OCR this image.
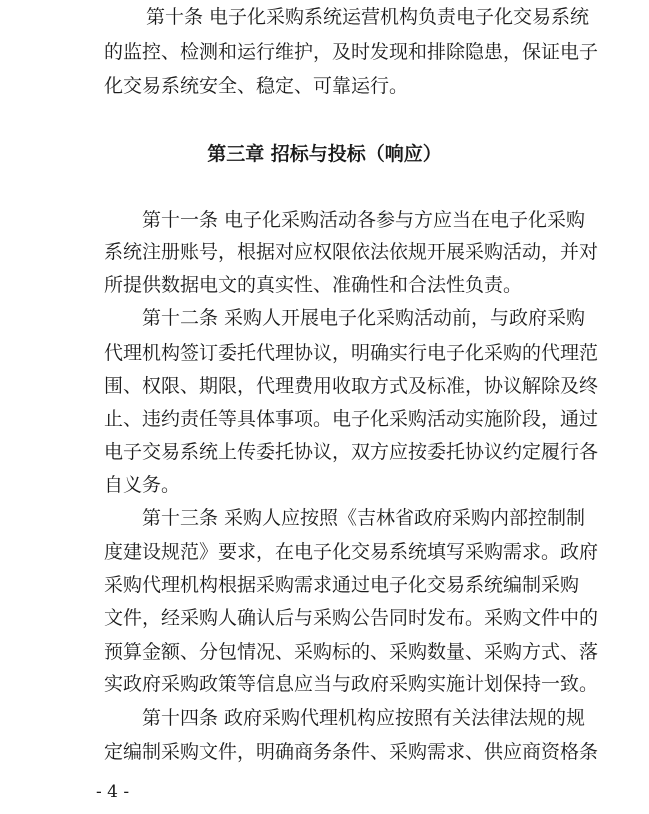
第十条 电子化采购系统运营机构负责电子化交易系统
的监控、检测和运行维护，及时发现和排除隐患，保证电子
化交易系统安全、稳定、可靠运行。
第三章 招标与投标（响应）
第十一条 电子化采购活动各参与方应当在电子化采购
系统注册账号，根据对应权限依法依规开展采购活动，并对
所提供数据电文的真实性、准确性和合法性负责。
第十二条 采购人开展电子化采购活动前，与政府采购
代理机构签订委托代理协议，明确实行电子化采购的代理范
围、权限、期限，代理费用收取方式及标准，协议解除及终
止、违约责任等具体事项。电子化采购活动实施阶段，通过
电子交易系统上传委托协议，双方应按委托协议约定履行各
自义务。
第十三条 采购人应按照《吉林省政府采购内部控制制
度建设规范》要求，在电子化交易系统填写采购需求。政府
采购代理机构根据采购需求通过电子化交易系统编制采购
文件，经采购人确认后与采购公告同时发布。采购文件中的
预算金额、分包情况、采购标的、采购数量、采购方式、落
实政府采购政策等信息应当与政府采购实施计划保持一致。
第十四条 政府采购代理机构应按照有关法律法规的规
定编制采购文件，明确商务条件、采购需求、供应商资格条
- 4 -
